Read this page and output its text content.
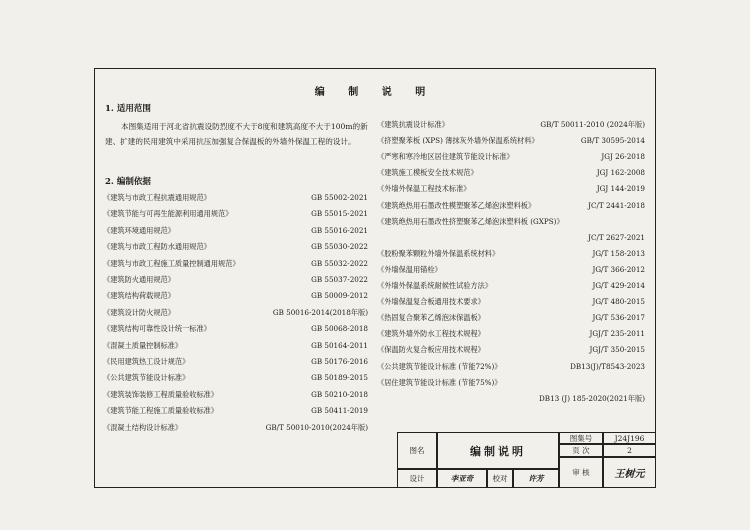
编 制 说 明
1. 适用范围
本图集适用于河北省抗震设防烈度不大于8度和建筑高度不大于100m的新建、扩建的民用建筑中采用抗压加强复合保温板的外墙外保温工程的设计。
2. 编制依据
《建筑与市政工程抗震通用规范》	GB 55002-2021
《建筑节能与可再生能源利用通用规范》	GB 55015-2021
《建筑环境通用规范》	GB 55016-2021
《建筑与市政工程防水通用规范》	GB 55030-2022
《建筑与市政工程施工质量控制通用规范》	GB 55032-2022
《建筑防火通用规范》	GB 55037-2022
《建筑结构荷载规范》	GB 50009-2012
《建筑设计防火规范》	GB 50016-2014(2018年版)
《建筑结构可靠性设计统一标准》	GB 50068-2018
《混凝土质量控制标准》	GB 50164-2011
《民用建筑热工设计规范》	GB 50176-2016
《公共建筑节能设计标准》	GB 50189-2015
《建筑装饰装修工程质量验收标准》	GB 50210-2018
《建筑节能工程施工质量验收标准》	GB 50411-2019
《混凝土结构设计标准》	GB/T 50010-2010(2024年版)
《建筑抗震设计标准》	GB/T 50011-2010 (2024年版)
《挤塑聚苯板 (XPS) 薄抹灰外墙外保温系统材料》	GB/T 30595-2014
《严寒和寒冷地区居住建筑节能设计标准》	JGJ 26-2018
《建筑施工模板安全技术规范》	JGJ 162-2008
《外墙外保温工程技术标准》	JGJ 144-2019
《建筑绝热用石墨改性模塑聚苯乙烯泡沫塑料板》	JC/T 2441-2018
《建筑绝热用石墨改性挤塑聚苯乙烯泡沫塑料板 (GXPS)》
JC/T 2627-2021
《胶粉聚苯颗粒外墙外保温系统材料》	JG/T 158-2013
《外墙保温用锚栓》	JG/T 366-2012
《外墙外保温系统耐候性试验方法》	JG/T 429-2014
《外墙保温复合板通用技术要求》	JG/T 480-2015
《热固复合聚苯乙烯泡沫保温板》	JG/T 536-2017
《建筑外墙外防水工程技术规程》	JGJ/T 235-2011
《保温防火复合板应用技术规程》	JGJ/T 350-2015
《公共建筑节能设计标准 (节能72%)》	DB13(J)/T8543-2023
《居住建筑节能设计标准 (节能75%)》
DB13 (J) 185-2020(2021年版)
图名	编制说明
图集号	J24J196
页 次	2
审 核	王树元
设计	李亚奇	校对	许芳
